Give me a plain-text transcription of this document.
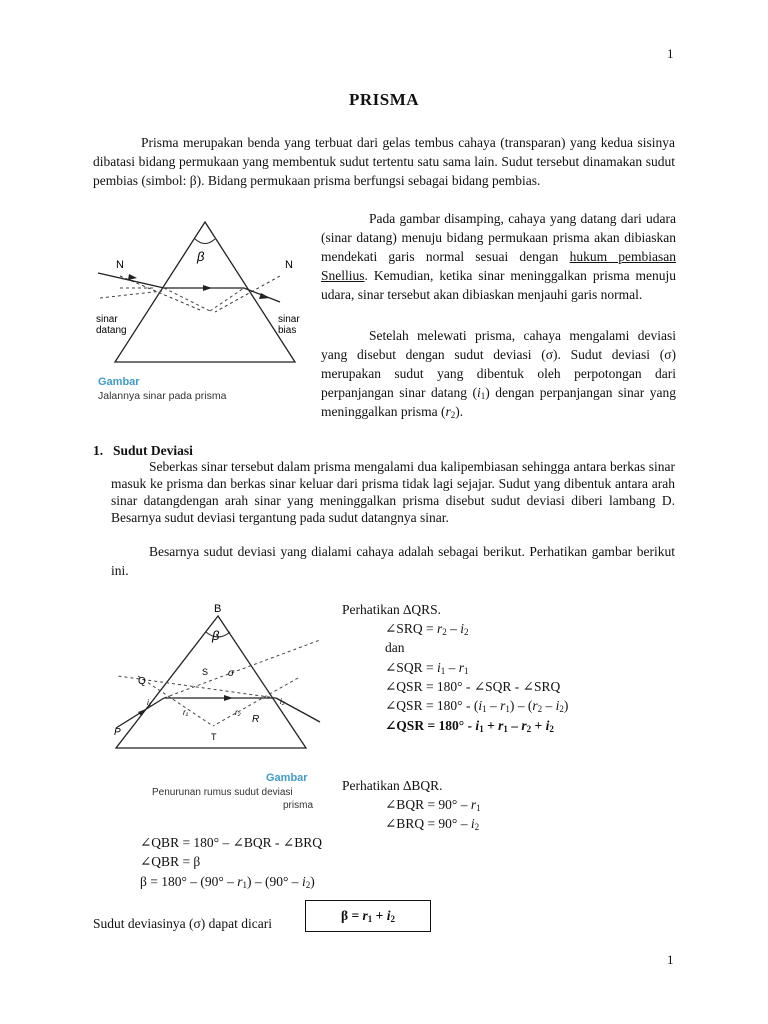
1
PRISMA
Prisma merupakan benda yang terbuat dari gelas tembus cahaya (transparan) yang kedua sisinya dibatasi bidang permukaan yang membentuk sudut tertentu satu sama lain. Sudut tersebut dinamakan sudut pembias (simbol: β). Bidang permukaan prisma berfungsi sebagai bidang pembias.
β
N	N
sinar
datang
sinar
bias
Gambar
Jalannya sinar pada prisma
Pada gambar disamping, cahaya yang datang dari udara (sinar datang) menuju bidang permukaan prisma akan dibiaskan mendekati garis normal sesuai dengan hukum pembiasan Snellius. Kemudian, ketika sinar meninggalkan prisma menuju udara, sinar tersebut akan dibiaskan menjauhi garis normal.
Setelah melewati prisma, cahaya mengalami deviasi yang disebut dengan sudut deviasi (σ). Sudut deviasi (σ) merupakan sudut yang dibentuk oleh perpotongan dari perpanjangan sinar datang $(i_1)$ dengan perpanjangan sinar yang meninggalkan prisma $(r_2)$.
1. Sudut Deviasi
Seberkas sinar tersebut dalam prisma mengalami dua kalipembiasan sehingga antara berkas sinar masuk ke prisma dan berkas sinar keluar dari prisma tidak lagi sejajar. Sudut yang dibentuk antara arah sinar datangdengan arah sinar yang meninggalkan prisma disebut sudut deviasi diberi lambang D. Besarnya sudut deviasi tergantung pada sudut datangnya sinar.
Besarnya sudut deviasi yang dialami cahaya adalah sebagai berikut. Perhatikan gambar berikut ini.
B
β
Q
S σ
P
R
T
i₁
r₁	r₂
i₂
Gambar
Penurunan rumus sudut deviasi
prisma
Perhatikan ∆QRS.
∠SRQ = $r_2 - i_2$
dan
∠SQR = $i_1 - r_1$
∠QSR = 180° - ∠SQR - ∠SRQ
∠QSR = $180^\circ - (i_1 - r_1) - (r_2 - i_2)$
∠QSR = $180^\circ - i_1 + r_1 - r_2 + i_2$
Perhatikan ∆BQR.
∠BQR = $90^\circ - r_1$
∠BRQ = $90^\circ - i_2$
∠QBR = 180° – ∠BQR - ∠BRQ
∠QBR = β
$\beta = 180^\circ - (90^\circ - r_1) - (90^\circ - i_2)$
Sudut deviasinya (σ) dapat dicari
$\beta = r_1 + i_2$
1
